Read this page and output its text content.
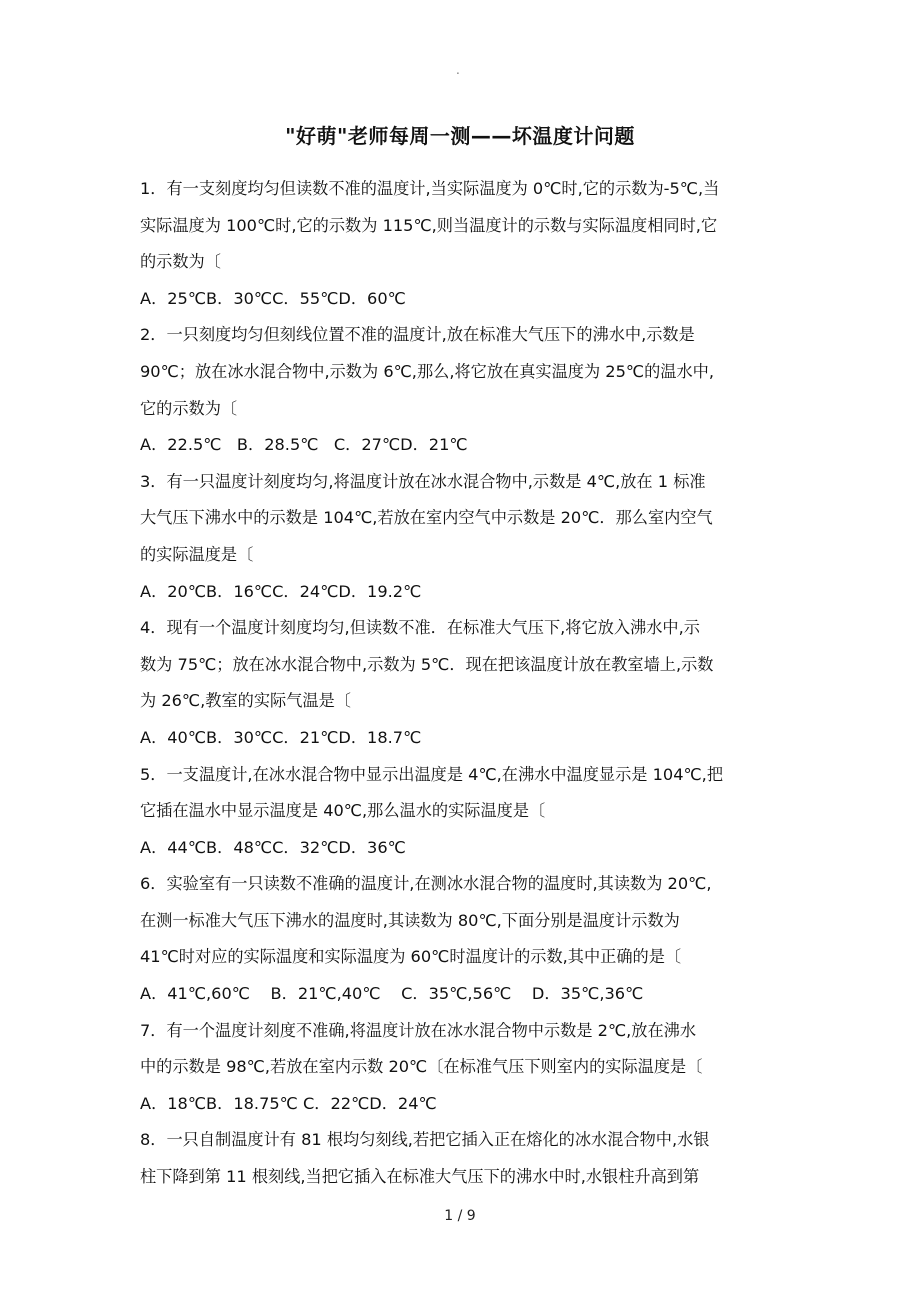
.
"好萌"老师每周一测——坏温度计问题
1．有一支刻度均匀但读数不准的温度计,当实际温度为 0℃时,它的示数为-5℃,当
实际温度为 100℃时,它的示数为 115℃,则当温度计的示数与实际温度相同时,它
的示数为〔
A．25℃B．30℃C．55℃D．60℃
2．一只刻度均匀但刻线位置不准的温度计,放在标准大气压下的沸水中,示数是
90℃；放在冰水混合物中,示数为 6℃,那么,将它放在真实温度为 25℃的温水中,
它的示数为〔
A．22.5℃   B．28.5℃   C．27℃D．21℃
3．有一只温度计刻度均匀,将温度计放在冰水混合物中,示数是 4℃,放在 1 标准
大气压下沸水中的示数是 104℃,若放在室内空气中示数是 20℃．那么室内空气
的实际温度是〔
A．20℃B．16℃C．24℃D．19.2℃
4．现有一个温度计刻度均匀,但读数不准．在标准大气压下,将它放入沸水中,示
数为 75℃；放在冰水混合物中,示数为 5℃．现在把该温度计放在教室墙上,示数
为 26℃,教室的实际气温是〔
A．40℃B．30℃C．21℃D．18.7℃
5．一支温度计,在冰水混合物中显示出温度是 4℃,在沸水中温度显示是 104℃,把
它插在温水中显示温度是 40℃,那么温水的实际温度是〔
A．44℃B．48℃C．32℃D．36℃
6．实验室有一只读数不准确的温度计,在测冰水混合物的温度时,其读数为 20℃,
在测一标准大气压下沸水的温度时,其读数为 80℃,下面分别是温度计示数为
41℃时对应的实际温度和实际温度为 60℃时温度计的示数,其中正确的是〔
A．41℃,60℃    B．21℃,40℃    C．35℃,56℃    D．35℃,36℃
7．有一个温度计刻度不准确,将温度计放在冰水混合物中示数是 2℃,放在沸水
中的示数是 98℃,若放在室内示数 20℃〔在标准气压下则室内的实际温度是〔
A．18℃B．18.75℃ C．22℃D．24℃
8．一只自制温度计有 81 根均匀刻线,若把它插入正在熔化的冰水混合物中,水银
柱下降到第 11 根刻线,当把它插入在标准大气压下的沸水中时,水银柱升高到第
1 / 9
